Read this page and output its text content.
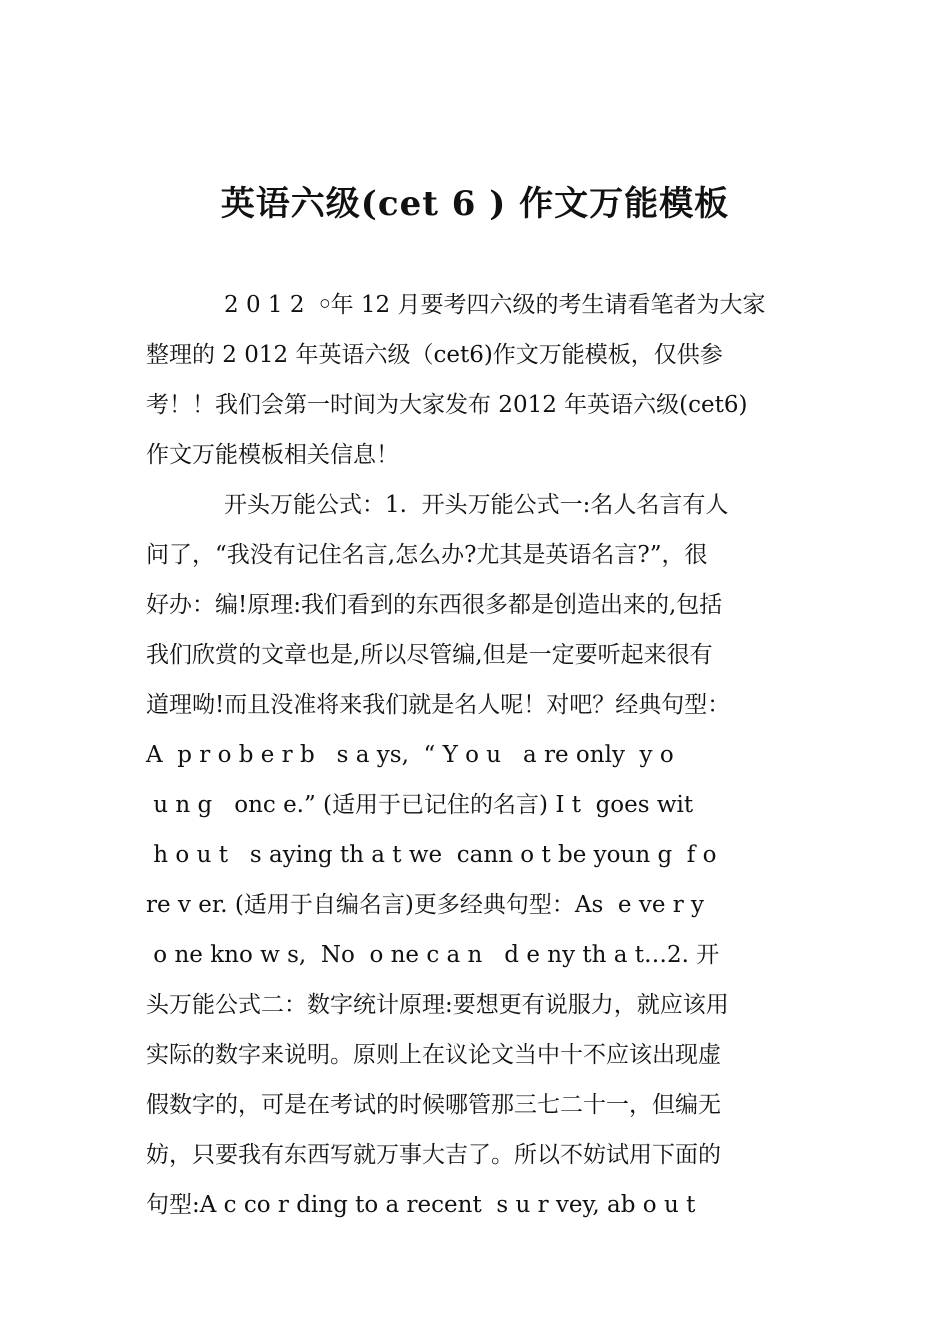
英语六级(cet 6 ) 作文万能模板
2 0 1 2  ￮年 12 月要考四六级的考生请看笔者为大家
整理的 2 012 年英语六级（cet6)作文万能模板，仅供参
考！！我们会第一时间为大家发布 2012 年英语六级(cet6)
作文万能模板相关信息！
开头万能公式：1.  开头万能公式一:名人名言有人
问了，“我没有记住名言,怎么办?尤其是英语名言?”，很
好办：编!原理:我们看到的东西很多都是创造出来的,包括
我们欣赏的文章也是,所以尽管编,但是一定要听起来很有
道理呦!而且没准将来我们就是名人呢！对吧？经典句型：
A  p r o b e r b   s a ys,  “ Y o u   a re only  y o
u n g   onc e.” (适用于已记住的名言) I t  goes wit
h o u t   s aying th a t we  cann o t be youn g  f o
re v er. (适用于自编名言)更多经典句型：As  e ve r y
o ne kno w s,  No  o ne c a n   d e ny th a t…2. 开
头万能公式二：数字统计原理:要想更有说服力，就应该用
实际的数字来说明。原则上在议论文当中十不应该出现虚
假数字的，可是在考试的时候哪管那三七二十一，但编无
妨，只要我有东西写就万事大吉了。所以不妨试用下面的
句型:A c co r ding to a recent  s u r vey, ab o u t
